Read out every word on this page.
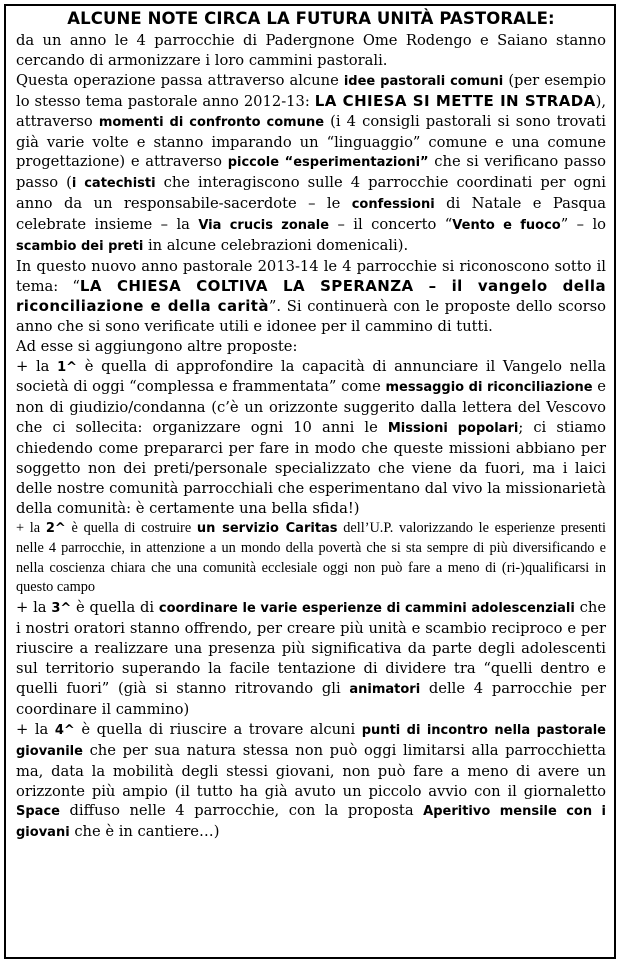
ALCUNE NOTE CIRCA LA FUTURA UNITÀ PASTORALE:

da un anno le 4 parrocchie di Padergnone Ome Rodengo e Saiano stanno cercando di armonizzare i loro cammini pastorali.

Questa operazione passa attraverso alcune idee pastorali comuni (per esempio lo stesso tema pastorale anno 2012-13: LA CHIESA SI METTE IN STRADA), attraverso momenti di confronto comune (i 4 consigli pastorali si sono trovati già varie volte e stanno imparando un “linguaggio” comune e una comune progettazione) e attraverso piccole “esperimentazioni” che si verificano passo passo (i catechisti che interagiscono sulle 4 parrocchie coordinati per ogni anno da un responsabile-sacerdote – le confessioni di Natale e Pasqua celebrate insieme – la Via crucis zonale – il concerto “Vento e fuoco” – lo scambio dei preti in alcune celebrazioni domenicali).

In questo nuovo anno pastorale 2013-14 le 4 parrocchie si riconoscono sotto il tema: “LA CHIESA COLTIVA LA SPERANZA – il vangelo della riconciliazione e della carità”. Si continuerà con le proposte dello scorso anno che si sono verificate utili e idonee per il cammino di tutti.

Ad esse si aggiungono altre proposte:

+ la 1^ è quella di approfondire la capacità di annunciare il Vangelo nella società di oggi “complessa e frammentata” come messaggio di riconciliazione e non di giudizio/condanna (c’è un orizzonte suggerito dalla lettera del Vescovo che ci sollecita: organizzare ogni 10 anni le Missioni popolari; ci stiamo chiedendo come prepararci per fare in modo che queste missioni abbiano per soggetto non dei preti/personale specializzato che viene da fuori, ma i laici delle nostre comunità parrocchiali che esperimentano dal vivo la missionarietà della comunità: è certamente una bella sfida!)

+ la 2^ è quella di costruire un servizio Caritas dell’U.P. valorizzando le esperienze presenti nelle 4 parrocchie, in attenzione a un mondo della povertà che si sta sempre di più diversificando e nella coscienza chiara che una comunità ecclesiale oggi non può fare a meno di (ri-)qualificarsi in questo campo

+ la 3^ è quella di coordinare le varie esperienze di cammini adolescenziali che i nostri oratori stanno offrendo, per creare più unità e scambio reciproco e per riuscire a realizzare una presenza più significativa da parte degli adolescenti sul territorio superando la facile tentazione di dividere tra “quelli dentro e quelli fuori” (già si stanno ritrovando gli animatori delle 4 parrocchie per coordinare il cammino)

+ la 4^ è quella di riuscire a trovare alcuni punti di incontro nella pastorale giovanile che per sua natura stessa non può oggi limitarsi alla parrocchietta ma, data la mobilità degli stessi giovani, non può fare a meno di avere un orizzonte più ampio (il tutto ha già avuto un piccolo avvio con il giornaletto Space diffuso nelle 4 parrocchie, con la proposta Aperitivo mensile con i giovani che è in cantiere…)
